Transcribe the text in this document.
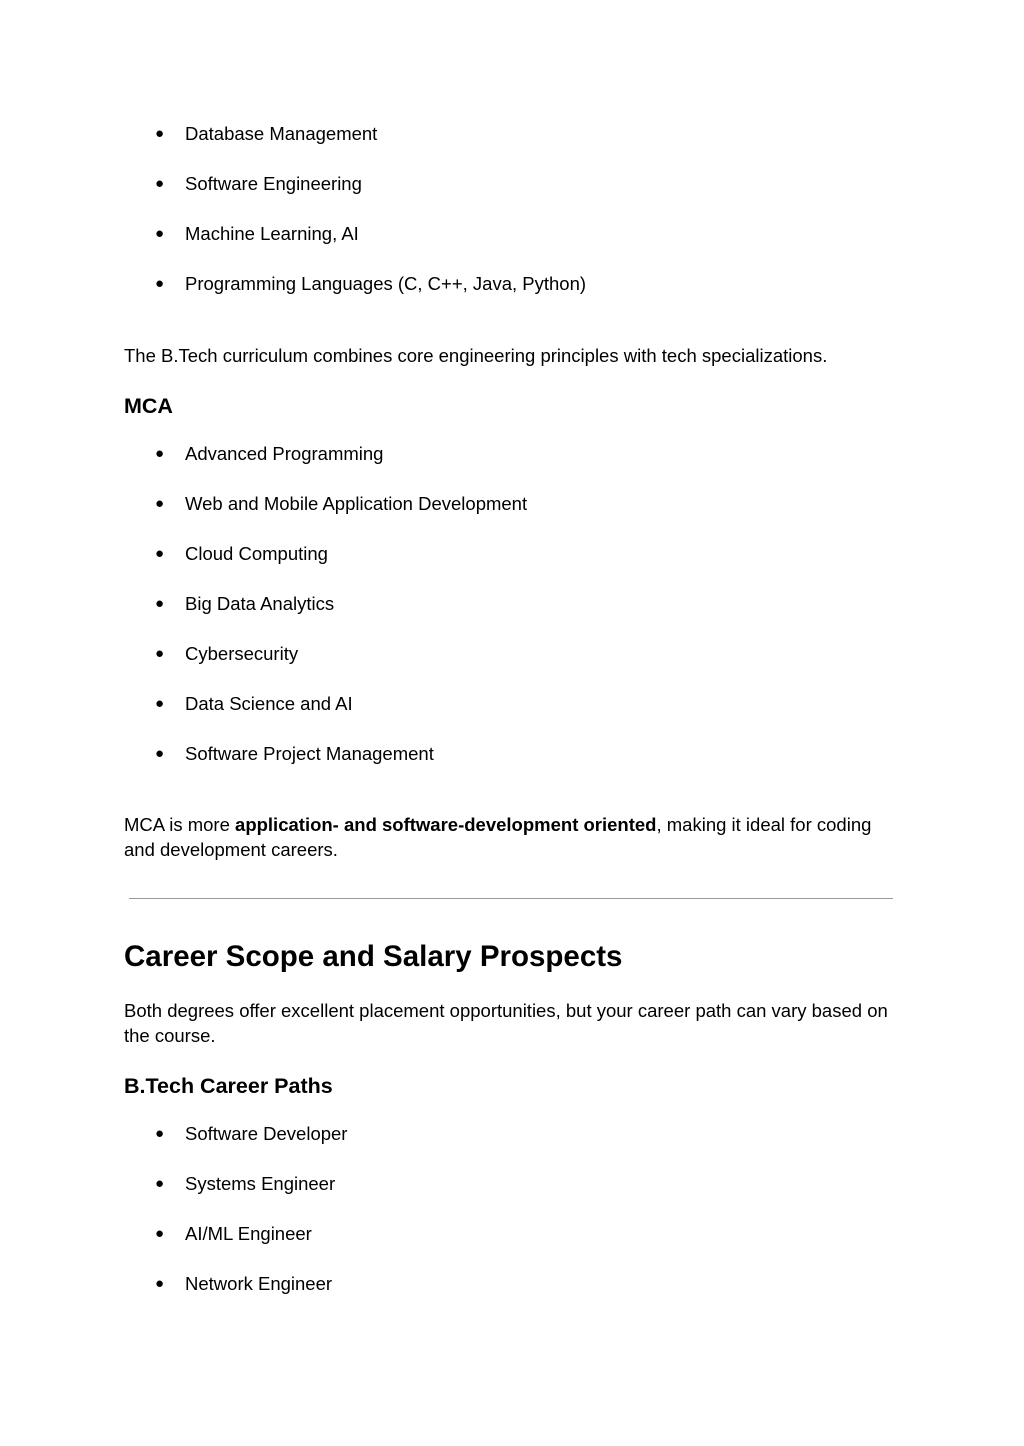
● Database Management
● Software Engineering
● Machine Learning, AI
● Programming Languages (C, C++, Java, Python)

The B.Tech curriculum combines core engineering principles with tech specializations.

MCA
● Advanced Programming
● Web and Mobile Application Development
● Cloud Computing
● Big Data Analytics
● Cybersecurity
● Data Science and AI
● Software Project Management

MCA is more application- and software-development oriented, making it ideal for coding and development careers.

Career Scope and Salary Prospects

Both degrees offer excellent placement opportunities, but your career path can vary based on the course.

B.Tech Career Paths
● Software Developer
● Systems Engineer
● AI/ML Engineer
● Network Engineer
